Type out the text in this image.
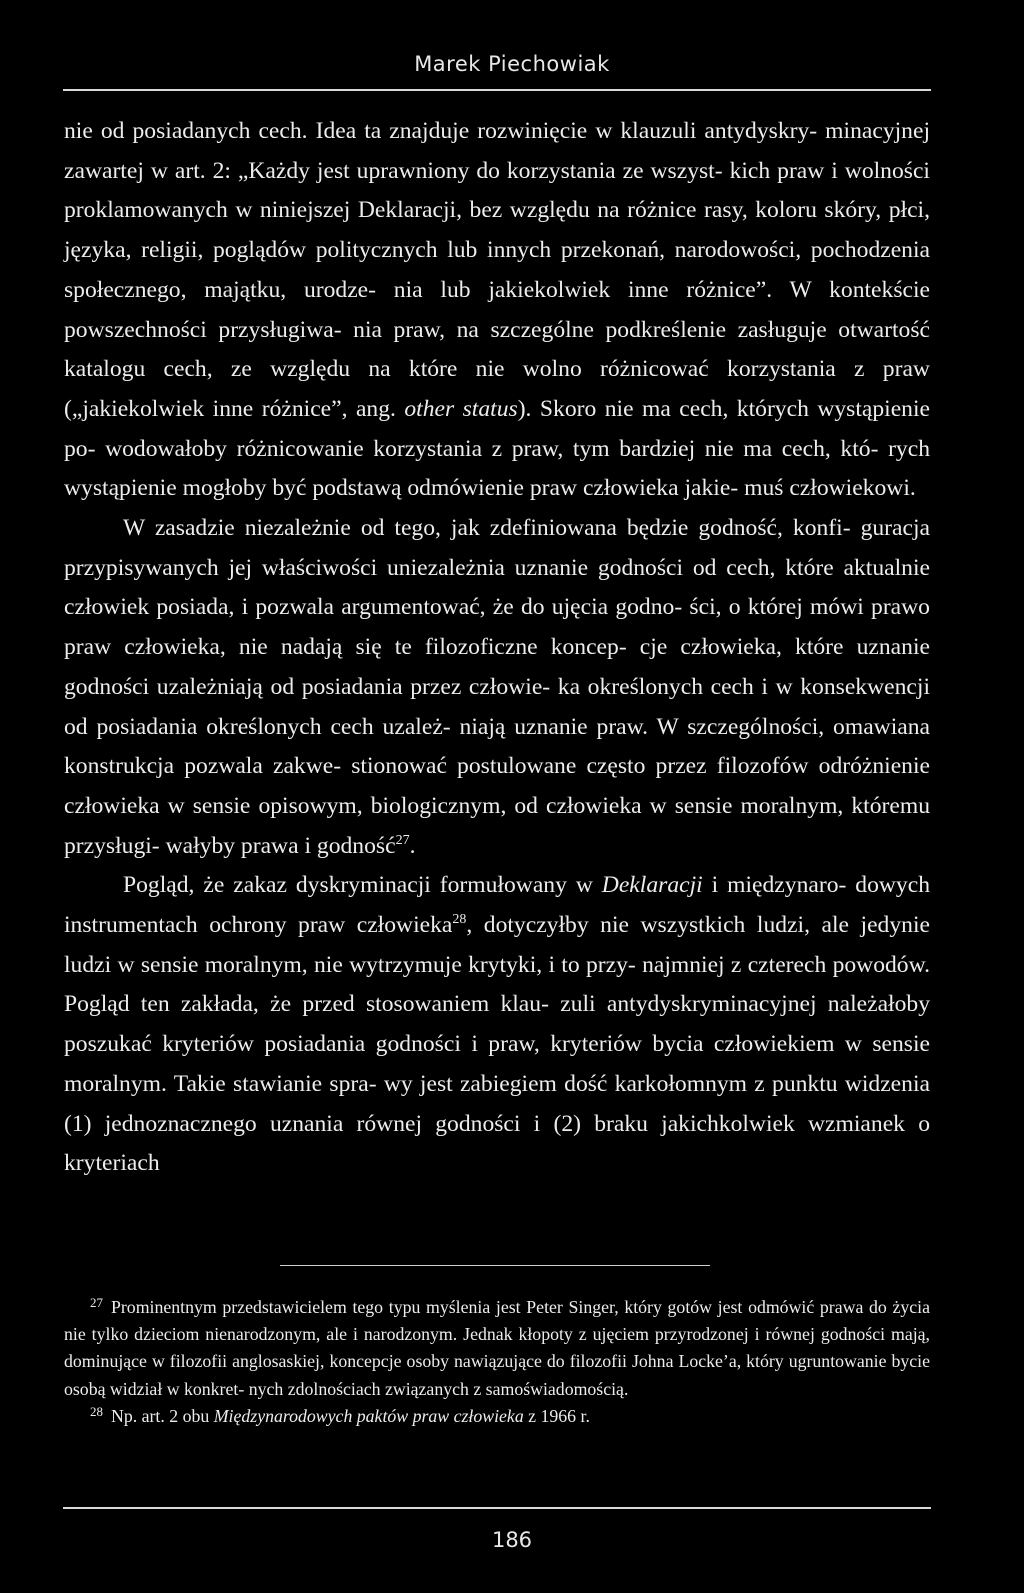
Marek Piechowiak

nie od posiadanych cech. Idea ta znajduje rozwinięcie w klauzuli antydyskry- minacyjnej zawartej w art. 2: „Każdy jest uprawniony do korzystania ze wszyst- kich praw i wolności proklamowanych w niniejszej Deklaracji, bez względu na różnice rasy, koloru skóry, płci, języka, religii, poglądów politycznych lub innych przekonań, narodowości, pochodzenia społecznego, majątku, urodze- nia lub jakiekolwiek inne różnice”. W kontekście powszechności przysługiwa- nia praw, na szczególne podkreślenie zasługuje otwartość katalogu cech, ze względu na które nie wolno różnicować korzystania z praw („jakiekolwiek inne różnice”, ang. other status). Skoro nie ma cech, których wystąpienie po- wodowałoby różnicowanie korzystania z praw, tym bardziej nie ma cech, któ- rych wystąpienie mogłoby być podstawą odmówienie praw człowieka jakie- muś człowiekowi.

W zasadzie niezależnie od tego, jak zdefiniowana będzie godność, konfi- guracja przypisywanych jej właściwości uniezależnia uznanie godności od cech, które aktualnie człowiek posiada, i pozwala argumentować, że do ujęcia godno- ści, o której mówi prawo praw człowieka, nie nadają się te filozoficzne koncep- cje człowieka, które uznanie godności uzależniają od posiadania przez człowie- ka określonych cech i w konsekwencji od posiadania określonych cech uzależ- niają uznanie praw. W szczególności, omawiana konstrukcja pozwala zakwe- stionować postulowane często przez filozofów odróżnienie człowieka w sensie opisowym, biologicznym, od człowieka w sensie moralnym, któremu przysługi- wałyby prawa i godność$^{27}$.

Pogląd, że zakaz dyskryminacji formułowany w Deklaracji i międzynaro- dowych instrumentach ochrony praw człowieka$^{28}$, dotyczyłby nie wszystkich ludzi, ale jedynie ludzi w sensie moralnym, nie wytrzymuje krytyki, i to przy- najmniej z czterech powodów. Pogląd ten zakłada, że przed stosowaniem klau- zuli antydyskryminacyjnej należałoby poszukać kryteriów posiadania godności i praw, kryteriów bycia człowiekiem w sensie moralnym. Takie stawianie spra- wy jest zabiegiem dość karkołomnym z punktu widzenia (1) jednoznacznego uznania równej godności i (2) braku jakichkolwiek wzmianek o kryteriach

$^{27}$ Prominentnym przedstawicielem tego typu myślenia jest Peter Singer, który gotów jest odmówić prawa do życia nie tylko dzieciom nienarodzonym, ale i narodzonym. Jednak kłopoty z ujęciem przyrodzonej i równej godności mają, dominujące w filozofii anglosaskiej, koncepcje osoby nawiązujące do filozofii Johna Locke’a, który ugruntowanie bycie osobą widział w konkret- nych zdolnościach związanych z samoświadomością.

$^{28}$ Np. art. 2 obu Międzynarodowych paktów praw człowieka z 1966 r.

186
